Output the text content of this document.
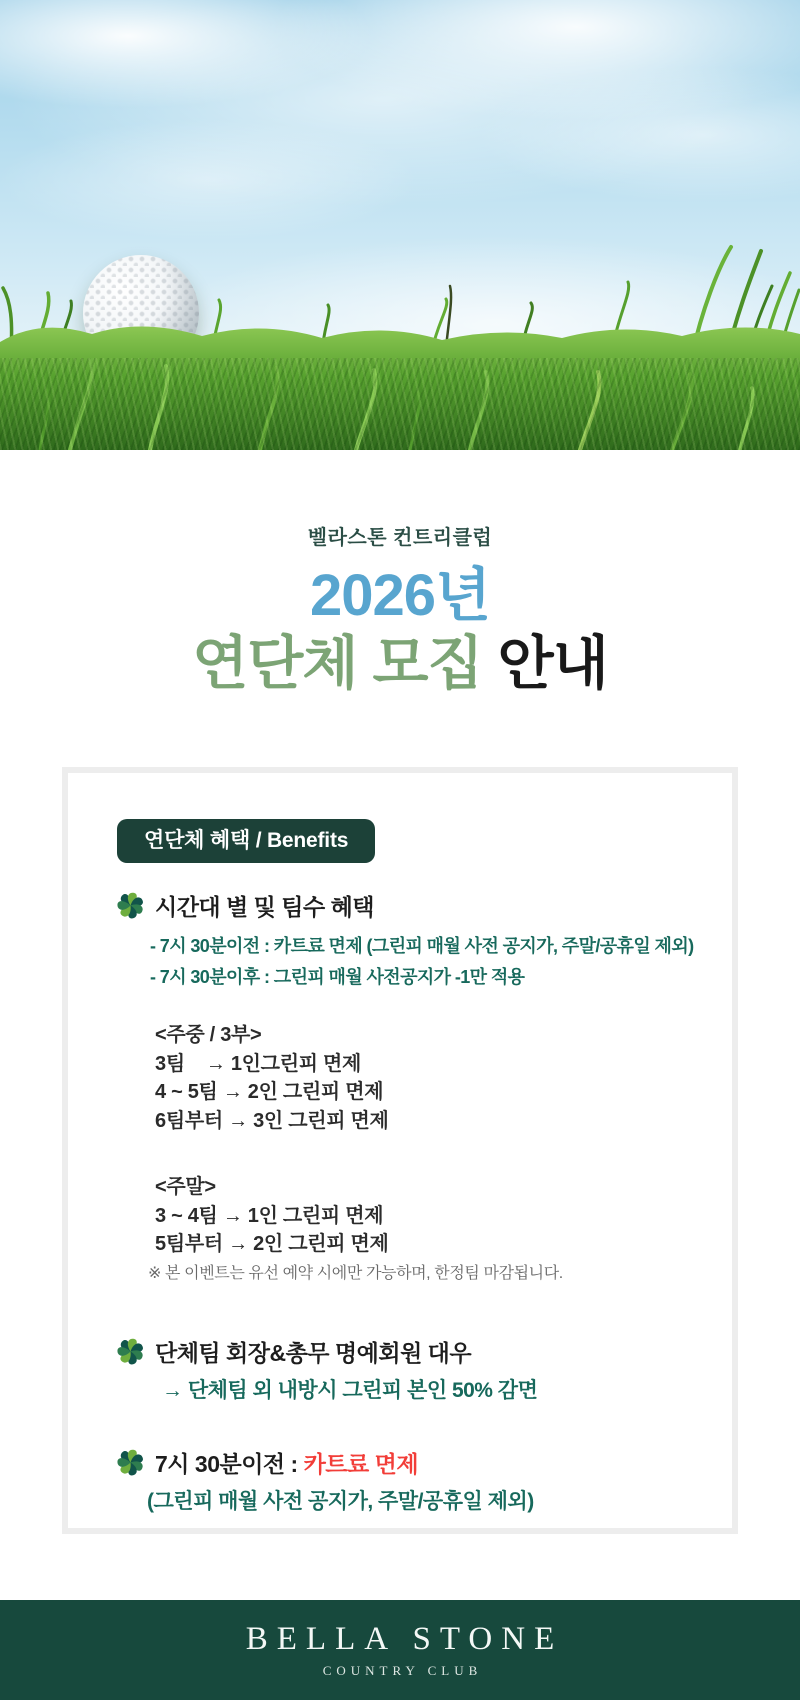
벨라스톤 컨트리클럽
2026년
연단체 모집 안내
연단체 혜택 / Benefits
시간대 별 및 팀수 혜택
- 7시 30분이전 : 카트료 면제 (그린피 매월 사전 공지가, 주말/공휴일 제외)
- 7시 30분이후 : 그린피 매월 사전공지가 -1만 적용
<주중 / 3부>
3팀    → 1인그린피 면제
4 ~ 5팀 → 2인 그린피 면제
6팀부터 → 3인 그린피 면제
<주말>
3 ~ 4팀 → 1인 그린피 면제
5팀부터 → 2인 그린피 면제
※ 본 이벤트는 유선 예약 시에만 가능하며, 한정팀 마감됩니다.
단체팀 회장&총무 명예회원 대우
→ 단체팀 외 내방시 그린피 본인 50% 감면
7시 30분이전 : 카트료 면제
(그린피 매월 사전 공지가, 주말/공휴일 제외)
BELLA STONE
COUNTRY CLUB
